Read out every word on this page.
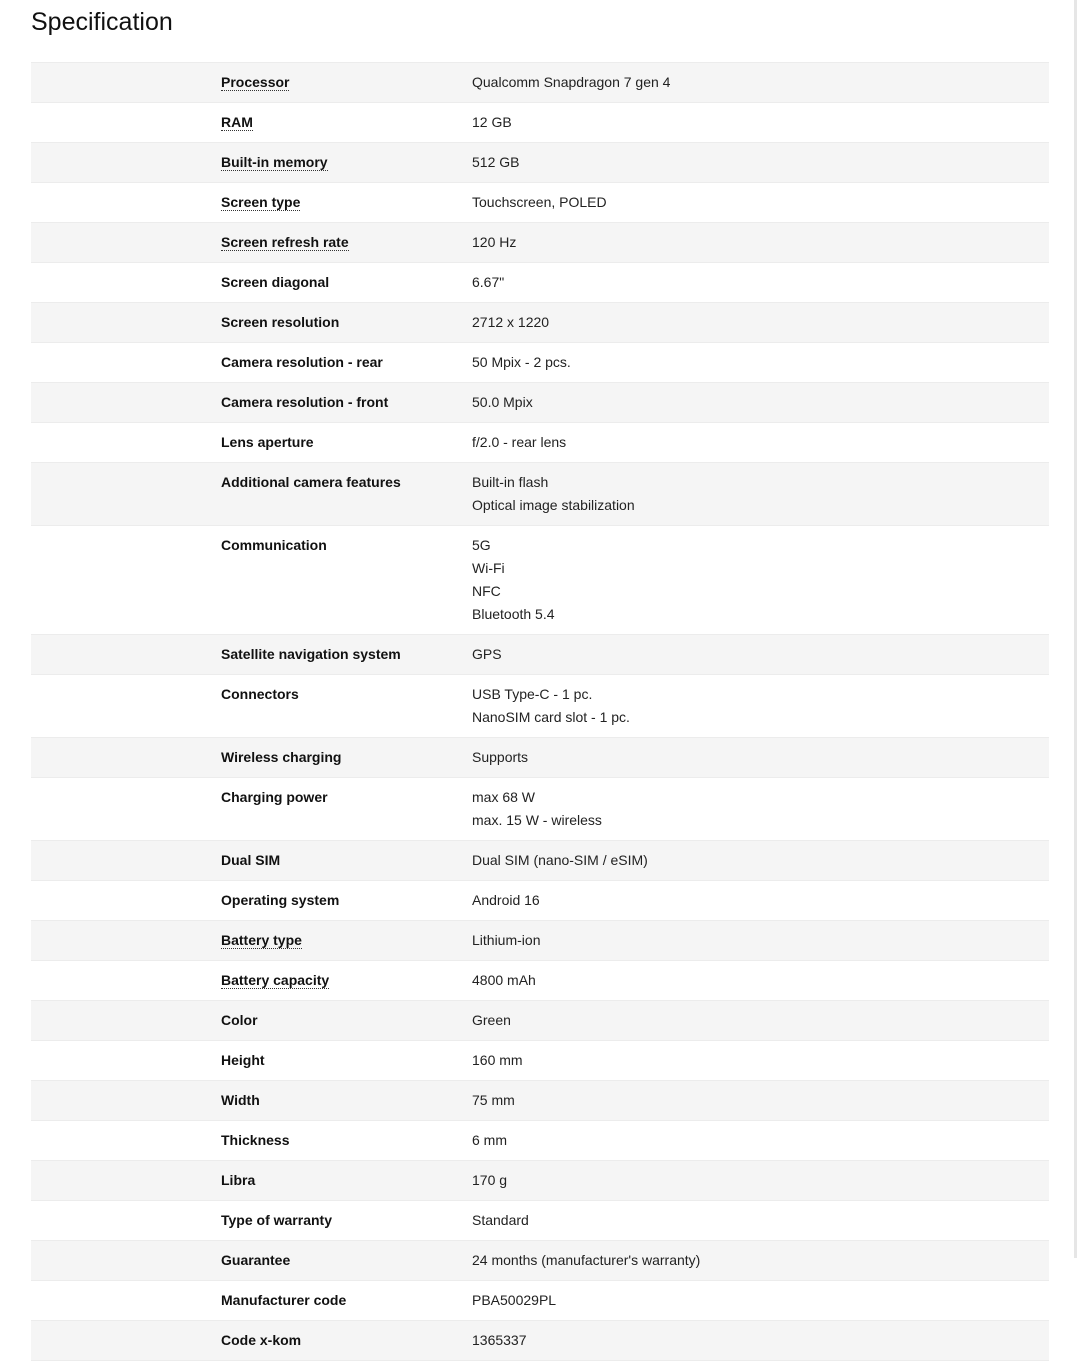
Specification
Processor	Qualcomm Snapdragon 7 gen 4
RAM	12 GB
Built-in memory	512 GB
Screen type	Touchscreen, POLED
Screen refresh rate	120 Hz
Screen diagonal	6.67"
Screen resolution	2712 x 1220
Camera resolution - rear	50 Mpix - 2 pcs.
Camera resolution - front	50.0 Mpix
Lens aperture	f/2.0 - rear lens
Additional camera features	Built-in flash
Optical image stabilization
Communication	5G
Wi-Fi
NFC
Bluetooth 5.4
Satellite navigation system	GPS
Connectors	USB Type-C - 1 pc.
NanoSIM card slot - 1 pc.
Wireless charging	Supports
Charging power	max 68 W
max. 15 W - wireless
Dual SIM	Dual SIM (nano-SIM / eSIM)
Operating system	Android 16
Battery type	Lithium-ion
Battery capacity	4800 mAh
Color	Green
Height	160 mm
Width	75 mm
Thickness	6 mm
Libra	170 g
Type of warranty	Standard
Guarantee	24 months (manufacturer's warranty)
Manufacturer code	PBA50029PL
Code x-kom	1365337
